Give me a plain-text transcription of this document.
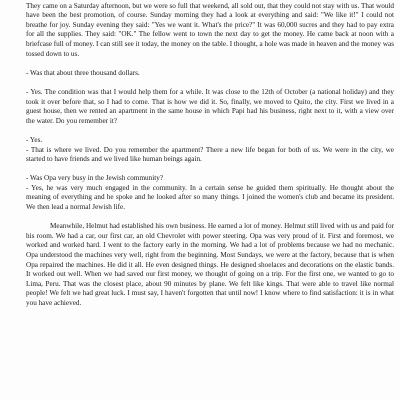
They came on a Saturday afternoon, but we were so full that weekend, all sold out, that they could not stay with us. That would have been the best promotion, of course. Sunday morning they had a look at everything and said: "We like it!" I could not breathe for joy. Sunday evening they said: "Yes we want it. What's the price?" It was 60,000 sucres and they had to pay extra for all the supplies. They said: "OK." The fellow went to town the next day to get the money. He came back at noon with a briefcase full of money. I can still see it today, the money on the table. I thought, a hole was made in heaven and the money was tossed down to us.

- Was that about three thousand dollars.

- Yes. The condition was that I would help them for a while. It was close to the 12th of October (a national holiday) and they took it over before that, so I had to come. That is how we did it. So, finally, we moved to Quito, the city. First we lived in a guest house, then we rented an apartment in the same house in which Papi had his business, right next to it, with a view over the water. Do you remember it?

- Yes.

- That is where we lived. Do you remember the apartment? There a new life began for both of us. We were in the city, we started to have friends and we lived like human beings again.

- Was Opa very busy in the Jewish community?

- Yes, he was very much engaged in the community. In a certain sense he guided them spiritually. He thought about the meaning of everything and he spoke and he looked after so many things. I joined the women's club and became its president. We then lead a normal Jewish life.

Meanwhile, Helmut had established his own business. He earned a lot of money. Helmut still lived with us and paid for his room. We had a car, our first car, an old Chevrolet with power steering. Opa was very proud of it. First and foremost, we worked and worked hard. I went to the factory early in the morning. We had a lot of problems because we had no mechanic. Opa understood the machines very well, right from the beginning. Most Sundays, we were at the factory, because that is when Opa repaired the machines. He did it all. He even designed things. He designed shoelaces and decorations on the elastic bands. It worked out well. When we had saved our first money, we thought of going on a trip. For the first one, we wanted to go to Lima, Peru. That was the closest place, about 90 minutes by plane. We felt like kings. That were able to travel like normal people! We felt we had great luck. I must say, I haven't forgotten that until now! I know where to find satisfaction: it is in what you have achieved.
